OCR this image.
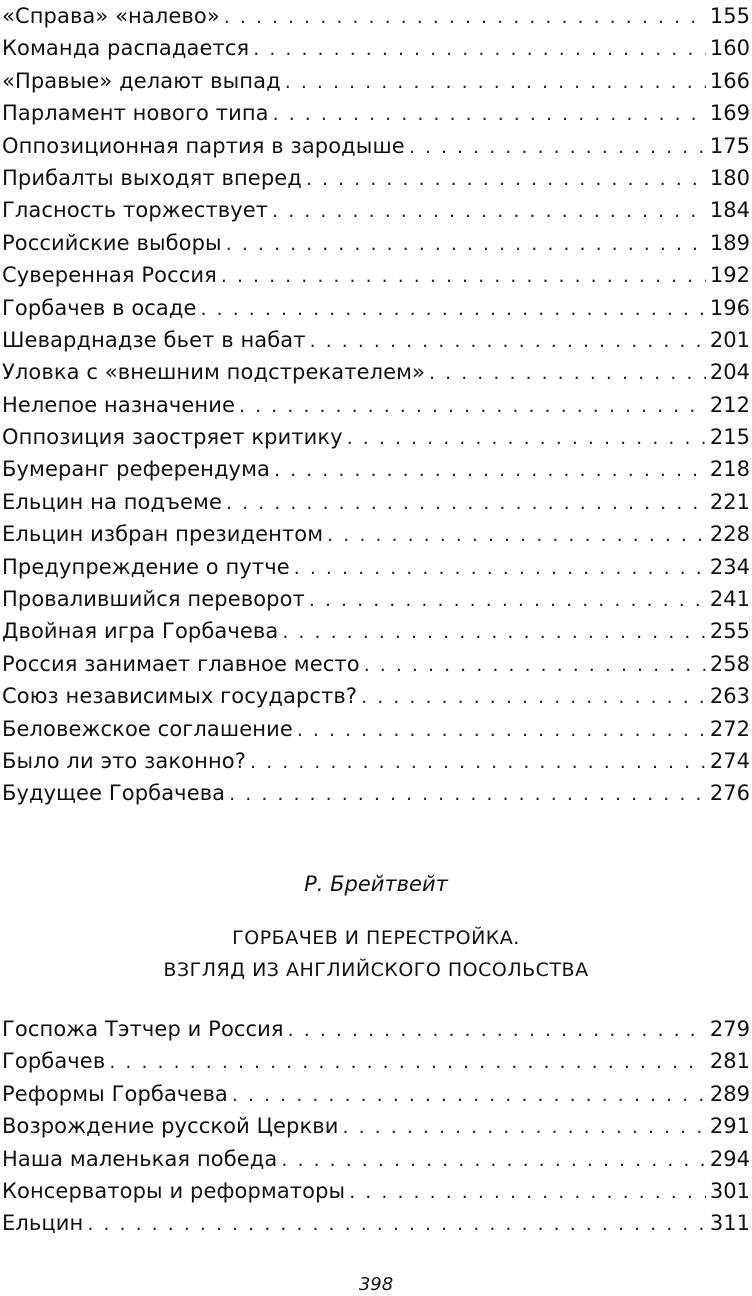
«Справа» «налево» . . .	155
Команда распадается . . .	160
«Правые» делают выпад . . .	166
Парламент нового типа . . .	169
Оппозиционная партия в зародыше . . .	175
Прибалты выходят вперед . . .	180
Гласность торжествует . . .	184
Российские выборы . . .	189
Суверенная Россия . . .	192
Горбачев в осаде . . .	196
Шеварднадзе бьет в набат . . .	201
Уловка с «внешним подстрекателем» . . .	204
Нелепое назначение . . .	212
Оппозиция заостряет критику . . .	215
Бумеранг референдума . . .	218
Ельцин на подъеме . . .	221
Ельцин избран президентом . . .	228
Предупреждение о путче . . .	234
Провалившийся переворот . . .	241
Двойная игра Горбачева . . .	255
Россия занимает главное место . . .	258
Союз независимых государств? . . .	263
Беловежское соглашение . . .	272
Было ли это законно? . . .	274
Будущее Горбачева . . .	276
Р. Брейтвейт
ГОРБАЧЕВ И ПЕРЕСТРОЙКА.
ВЗГЛЯД ИЗ АНГЛИЙСКОГО ПОСОЛЬСТВА
Госпожа Тэтчер и Россия . . .	279
Горбачев . . .	281
Реформы Горбачева . . .	289
Возрождение русской Церкви . . .	291
Наша маленькая победа . . .	294
Консерваторы и реформаторы . . .	301
Ельцин . . .	311
398
